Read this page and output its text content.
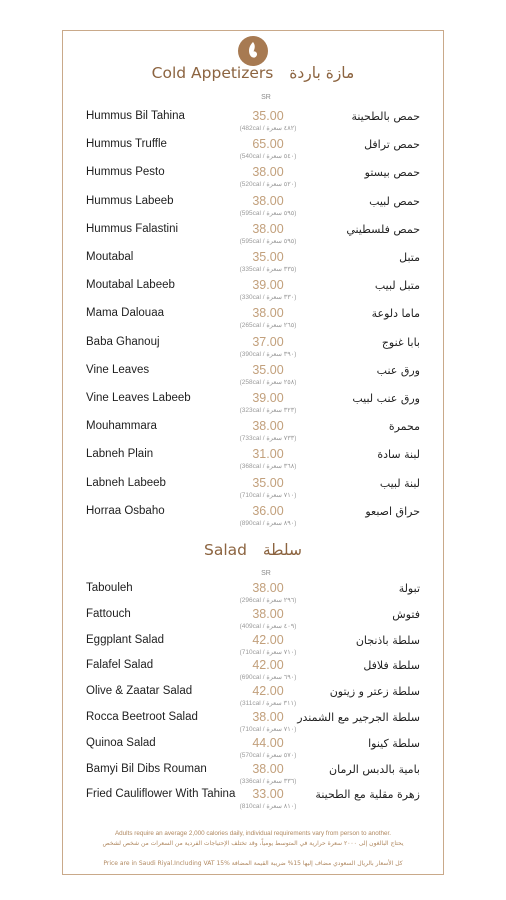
Cold Appetizers مازة باردة
SR
Hummus Bil Tahina	35.00
(482cal / ٤٨٢ سعرة)
حمص بالطحينة
Hummus Truffle	65.00
(540cal / ٥٤٠ سعرة)
حمص ترافل
Hummus Pesto	38.00
(520cal / ٥٢٠ سعرة)
حمص بيستو
Hummus Labeeb	38.00
(595cal / ٥٩٥ سعرة)
حمص لبيب
Hummus Falastini	38.00
(595cal / ٥٩٥ سعرة)
حمص فلسطيني
Moutabal	35.00
(335cal / ٣٣٥ سعرة)
متبل
Moutabal Labeeb	39.00
(330cal / ٣٣٠ سعرة)
متبل لبيب
Mama Dalouaa	38.00
(265cal / ٢٦٥ سعرة)
ماما دلوعة
Baba Ghanouj	37.00
(390cal / ٣٩٠ سعرة)
بابا غنوج
Vine Leaves	35.00
(258cal / ٢٥٨ سعرة)
ورق عنب
Vine Leaves Labeeb	39.00
(323cal / ٣٢٣ سعرة)
ورق عنب لبيب
Mouhammara	38.00
(733cal / ٧٣٣ سعرة)
محمرة
Labneh Plain	31.00
(368cal / ٣٦٨ سعرة)
لبنة سادة
Labneh Labeeb	35.00
(710cal / ٧١٠ سعرة)
لبنة لبيب
Horraa Osbaho	36.00
(890cal / ٨٩٠ سعرة)
حراق اصبعو
Salad سلطة
SR
Tabouleh	38.00
(296cal / ٢٩٦ سعرة)
تبولة
Fattouch	38.00
(409cal / ٤٠٩ سعرة)
فتوش
Eggplant Salad	42.00
(710cal / ٧١٠ سعرة)
سلطة باذنجان
Falafel Salad	42.00
(690cal / ٦٩٠ سعرة)
سلطة فلافل
Olive & Zaatar Salad	42.00
(311cal / ٣١١ سعرة)
سلطة زعتر و زيتون
Rocca Beetroot Salad	38.00
(710cal / ٧١٠ سعرة)
سلطة الجرجير مع الشمندر
Quinoa Salad	44.00
(570cal / ٥٧٠ سعرة)
سلطة كينوا
Bamyi Bil Dibs Rouman	38.00
(336cal / ٣٣٦ سعرة)
بامية بالدبس الرمان
Fried Cauliflower With Tahina	33.00
(810cal / ٨١٠ سعرة)
زهرة مقلية مع الطحينة
Adults require an average 2,000 calories daily, individual requirements vary from person to another.
يحتاج البالغون إلى ٢٠٠٠ سعرة حرارية في المتوسط يومياً، وقد تختلف الإحتياجات الفردية من السعرات من شخص لشخص
كل الأسعار بالريال السعودي مضاف إليها 15% ضريبة القيمة المضافة Price are in Saudi Riyal.Including VAT 15%
